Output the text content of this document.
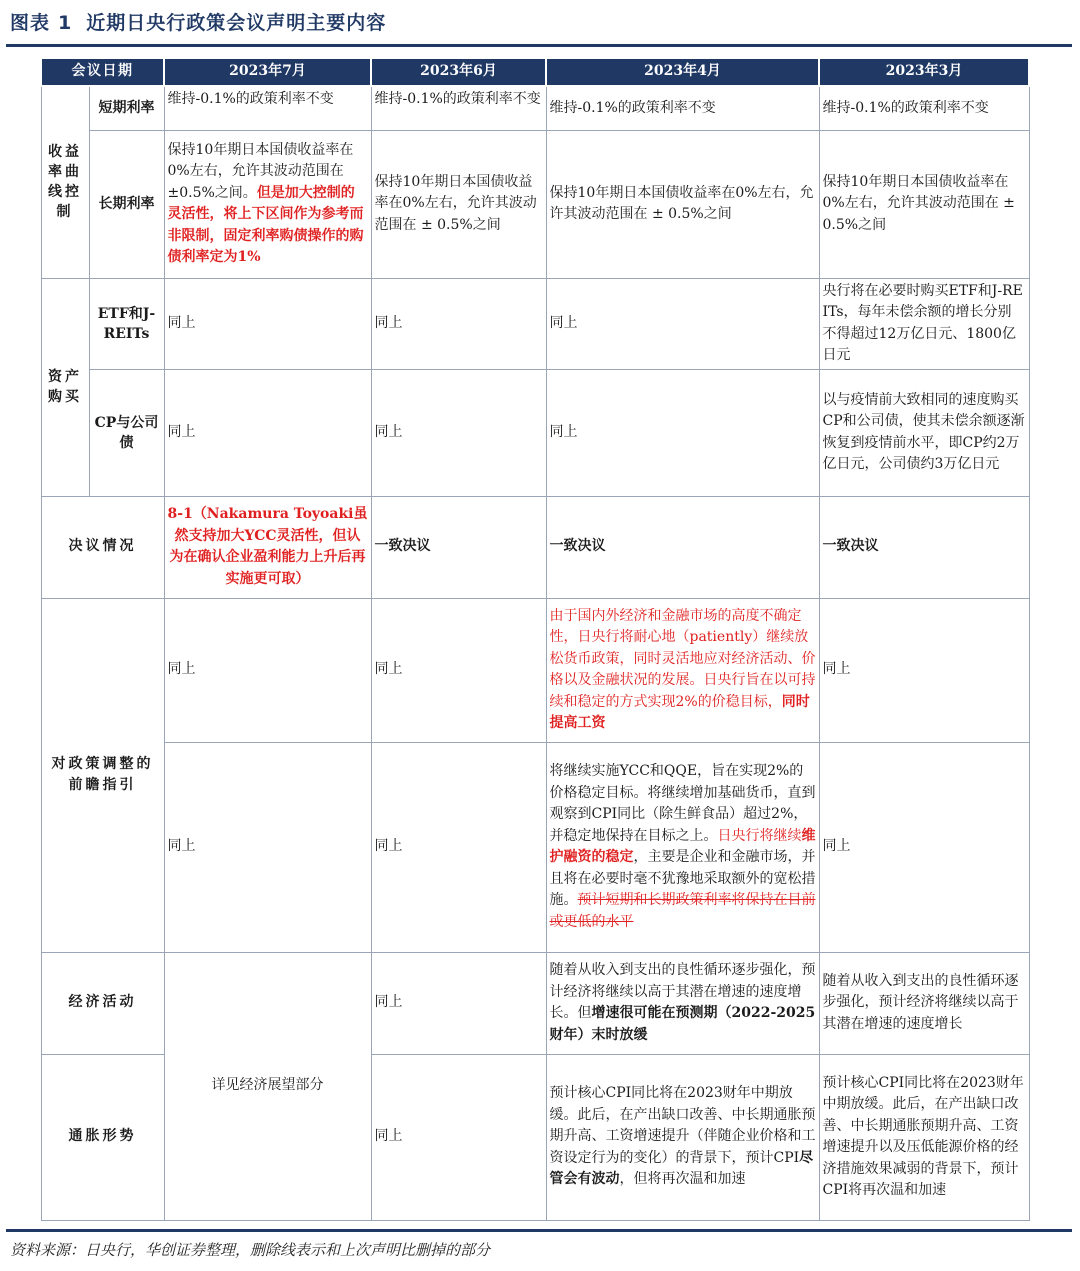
图表 1 近期日央行政策会议声明主要内容
会议日期		2023年7月	2023年6月	2023年4月	2023年3月
收益率曲线控制	短期利率	维持-0.1%的政策利率不变	维持-0.1%的政策利率不变	维持-0.1%的政策利率不变	维持-0.1%的政策利率不变
	长期利率	保持10年期日本国债收益率在0%左右，允许其波动范围在±0.5%之间。但是加大控制的灵活性，将上下区间作为参考而非限制，固定利率购债操作的购债利率定为1%	保持10年期日本国债收益率在0%左右，允许其波动范围在 ± 0.5%之间	保持10年期日本国债收益率在0%左右，允许其波动范围在 ± 0.5%之间	保持10年期日本国债收益率在0%左右，允许其波动范围在 ± 0.5%之间
资产购买	ETF和J-REITs	同上	同上	同上	央行将在必要时购买ETF和J-REITs，每年未偿余额的增长分别不得超过12万亿日元、1800亿日元
	CP与公司债	同上	同上	同上	以与疫情前大致相同的速度购买CP和公司债，使其未偿余额逐渐恢复到疫情前水平，即CP约2万亿日元，公司债约3万亿日元
决议情况		8-1（Nakamura Toyoaki虽然支持加大YCC灵活性，但认为在确认企业盈利能力上升后再实施更可取）	一致决议	一致决议	一致决议
对政策调整的前瞻指引		同上	同上	由于国内外经济和金融市场的高度不确定性，日央行将耐心地（patiently）继续放松货币政策，同时灵活地应对经济活动、价格以及金融状况的发展。日央行旨在以可持续和稳定的方式实现2%的价稳目标，同时提高工资	同上
		同上	同上	将继续实施YCC和QQE，旨在实现2%的价格稳定目标。将继续增加基础货币，直到观察到CPI同比（除生鲜食品）超过2%，并稳定地保持在目标之上。日央行将继续维护融资的稳定，主要是企业和金融市场，并且将在必要时毫不犹豫地采取额外的宽松措施。预计短期和长期政策利率将保持在目前或更低的水平	同上
经济活动		详见经济展望部分	同上	随着从收入到支出的良性循环逐步强化，预计经济将继续以高于其潜在增速的速度增长。但增速很可能在预测期（2022-2025财年）末时放缓	随着从收入到支出的良性循环逐步强化，预计经济将继续以高于其潜在增速的速度增长
通胀形势			同上	预计核心CPI同比将在2023财年中期放缓。此后，在产出缺口改善、中长期通胀预期升高、工资增速提升（伴随企业价格和工资设定行为的变化）的背景下，预计CPI尽管会有波动，但将再次温和加速	预计核心CPI同比将在2023财年中期放缓。此后，在产出缺口改善、中长期通胀预期升高、工资增速提升以及压低能源价格的经济措施效果减弱的背景下，预计CPI将再次温和加速
资料来源：日央行，华创证券整理，删除线表示和上次声明比删掉的部分
